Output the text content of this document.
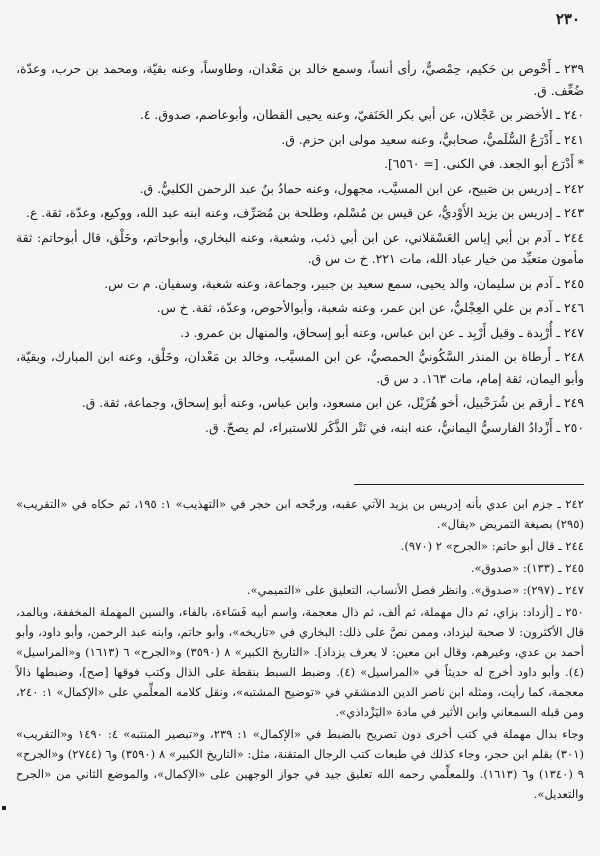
٢٣٠

٢٣٩ ـ أَحْوص بن حَكيم، حِمْصيٌّ، رأى أنساً، وسمع خالد بن مَعْدان، وطاوساً، وعنه بقيّة، ومحمد بن حرب، وعدّة، ضُعِّف. ق.

٢٤٠ ـ الأخضر بن عَجْلان، عن أبي بكر الحَنَفيّ، وعنه يحيى القطان، وأبوعاصم، صدوق. ٤.

٢٤١ ـ أَدْرَعُ السُّلَميُّ، صحابيٌّ، وعنه سعيد مولى ابن حزم. ق.

* أَدْرَع أبو الجعد. في الكنى. [= ٦٥٦٠].

٢٤٢ ـ إدريس بن صَبيح، عن ابن المسيَّب، مجهول، وعنه حمادُ بنُ عبد الرحمن الكلبيُّ. ق.

٢٤٣ ـ إدريس بن يزيد الأَوْديُّ، عن قيس بن مُسْلم، وطلحة بن مُصَرِّف، وعنه ابنه عبد الله، ووكيع، وعدّة، ثقة. ع.

٢٤٤ ـ آدم بن أبي إياس العَسْقلاني، عن ابن أبي ذئب، وشعبة، وعنه البخاري، وأبوحاتم، وخَلْق، قال أبوحاتم: ثقة مأمون متعبِّد من خيار عباد الله، مات ٢٢١. خ ت س ق.

٢٤٥ ـ آدم بن سليمان، والد يحيى، سمع سعيد بن جبير، وجماعة، وعنه شعبة، وسفيان. م ت س.

٢٤٦ ـ آدم بن علي العِجْليُّ، عن ابن عمر، وعنه شعبة، وأبوالأحوص، وعدّة، ثقة. خ س.

٢٤٧ ـ أُرْبِدة ـ وقيل أَرْبِد ـ عن ابن عباس، وعنه أبو إسحاق، والمنهال بن عمرو. د.

٢٤٨ ـ أَرطاة بن المنذر السَّكُونيُّ الحمصيُّ، عن ابن المسيَّب، وخالد بن مَعْدان، وخَلْق، وعنه ابن المبارك، وبقيّة، وأبو اليمان، ثقة إمام، مات ١٦٣. د س ق.

٢٤٩ ـ أرقم بن شُرَحْبيل، أخو هُزَيْل، عن ابن مسعود، وابن عباس، وعنه أبو إسحاق، وجماعة، ثقة. ق.

٢٥٠ ـ أَزْدادُ الفارسيُّ اليمانيُّ، عنه ابنه، في نَتْر الذَّكَر للاستبراء، لم يصحّ. ق.

٢٤٢ ـ جزم ابن عدي بأنه إدريس بن يزيد الآتي عقبه، ورجّحه ابن حجر في «التهذيب» ١: ١٩٥، ثم حكاه في «التقريب» (٢٩٥) بصيغة التمريض «يقال».

٢٤٤ ـ قال أبو حاتم: «الجرح» ٢ (٩٧٠).

٢٤٥ ـ (١٣٣): «صدوق».

٢٤٧ ـ (٢٩٧): «صدوق». وانظر فصل الأنساب، التعليق على «التميمي».

٢٥٠ ـ [أزداد: بزاي، ثم دال مهملة، ثم ألف، ثم ذال معجمة، واسم أبيه فَسَاءة، بالفاء، والسين المهملة المخففة، وبالمد، قال الأكثرون: لا صحبة ليزداد، وممن نصَّ على ذلك: البخاري في «تاريخه»، وأبو حاتم، وابنه عبد الرحمن، وأبو داود، وأبو أحمد بن عدي، وغيرهم، وقال ابن معين: لا يعرف يزداذ]. «التاريخ الكبير» ٨ (٣٥٩٠) و«الجرح» ٦ (١٦١٣) و«المراسيل» (٤). وأبو داود أخرج له حديثاً في «المراسيل» (٤). وضبط السبط بنقطة على الذال وكتب فوقها [صح]، وضبطها ذالاً معجمة، كما رأيت، ومثله ابن ناصر الدين الدمشقي في «توضيح المشتبه»، ونقل كلامه المعلِّمي على «الإكمال» ١: ٢٤٠، ومن قبله السمعاني وابن الأثير في مادة «اليَزْداذي».

وجاء بدال مهملة في كتب أخرى دون تصريح بالضبط في «الإكمال» ١: ٢٣٩، و«تبصير المنتبه» ٤: ١٤٩٠ و«التقريب» (٣٠١) بقلم ابن حجر، وجاء كذلك في طبعات كتب الرجال المتقنة، مثل: «التاريخ الكبير» ٨ (٣٥٩٠) و٦ (٢٧٤٤) و«الجرح» ٩ (١٣٤٠) و٦ (١٦١٣). وللمعلِّمي رحمه الله تعليق جيد في جواز الوجهين على «الإكمال»، والموضع الثاني من «الجرح والتعديل».
